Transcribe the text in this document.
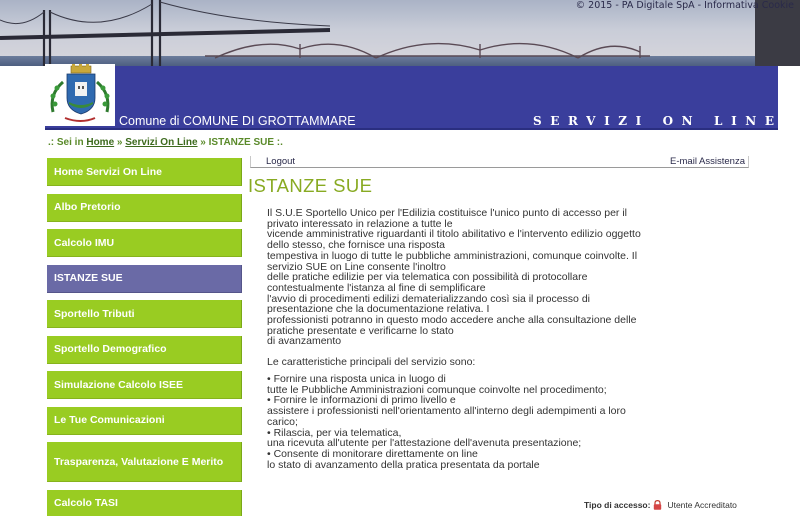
© 2015 - PA Digitale SpA - Informativa Cookie
Comune di COMUNE DI GROTTAMMARE	SERVIZI ON LINE
.: Sei in Home » Servizi On Line » ISTANZE SUE :.
Home Servizi On Line
Albo Pretorio
Calcolo IMU
ISTANZE SUE
Sportello Tributi
Sportello Demografico
Simulazione Calcolo ISEE
Le Tue Comunicazioni
Trasparenza, Valutazione E Merito
Calcolo TASI
Logout	E-mail Assistenza
ISTANZE SUE
Il S.U.E Sportello Unico per l'Edilizia costituisce l'unico punto di accesso per il
privato interessato in relazione a tutte le
vicende amministrative riguardanti il titolo abilitativo e l'intervento edilizio oggetto
dello stesso, che fornisce una risposta
tempestiva in luogo di tutte le pubbliche amministrazioni, comunque coinvolte. Il
servizio SUE on Line consente l'inoltro
delle pratiche edilizie per via telematica con possibilità di protocollare
contestualmente l'istanza al fine di semplificare
l'avvio di procedimenti edilizi dematerializzando così sia il processo di
presentazione che la documentazione relativa. I
professionisti potranno in questo modo accedere anche alla consultazione delle
pratiche presentate e verificarne lo stato
di avanzamento
Le caratteristiche principali del servizio sono:
• Fornire una risposta unica in luogo di
tutte le Pubbliche Amministrazioni comunque coinvolte nel procedimento;
• Fornire le informazioni di primo livello e
assistere i professionisti nell'orientamento all'interno degli adempimenti a loro
carico;
• Rilascia, per via telematica,
una ricevuta all'utente per l'attestazione dell'avenuta presentazione;
• Consente di monitorare direttamente on line
lo stato di avanzamento della pratica presentata da portale
Tipo di accesso: Utente Accreditato
